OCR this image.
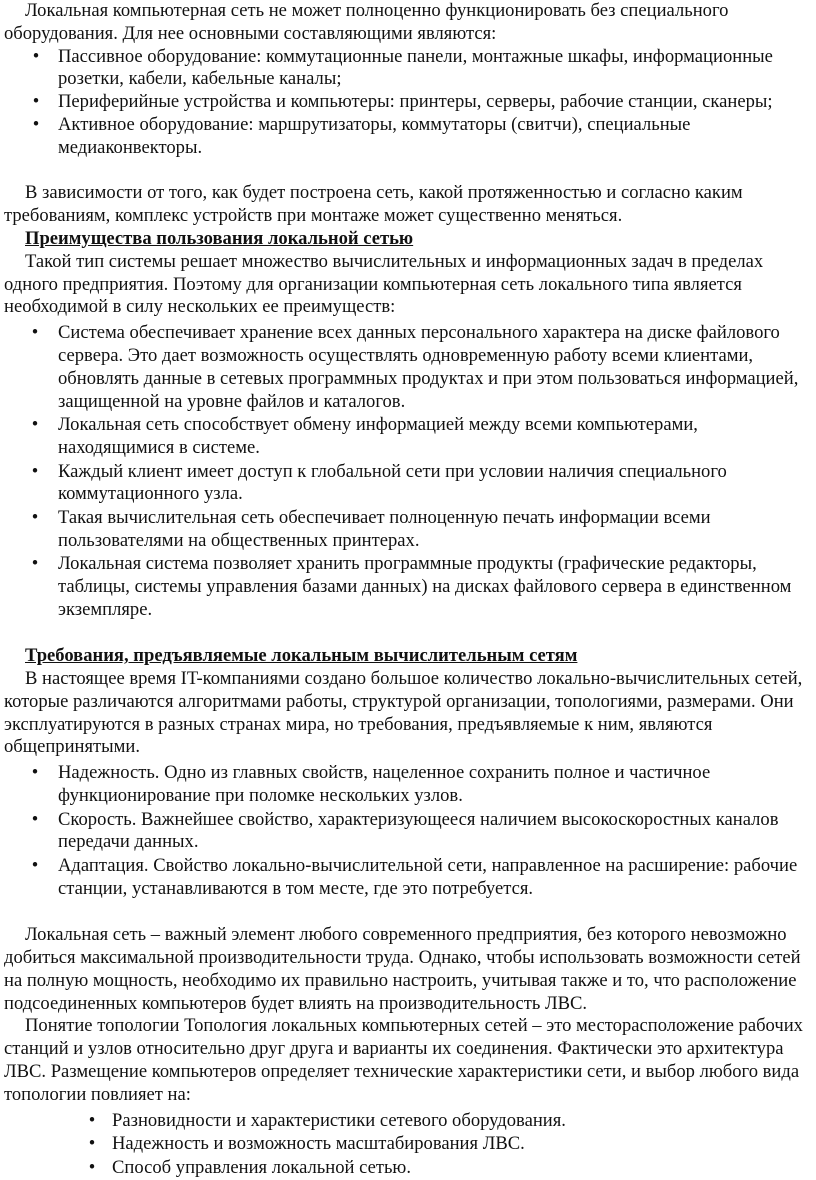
Локальная компьютерная сеть не может полноценно функционировать без специального оборудования. Для нее основными составляющими являются:

•	Пассивное оборудование: коммутационные панели, монтажные шкафы, информационные розетки, кабели, кабельные каналы;
•	Периферийные устройства и компьютеры: принтеры, серверы, рабочие станции, сканеры;
•	Активное оборудование: маршрутизаторы, коммутаторы (свитчи), специальные медиаконвекторы.

В зависимости от того, как будет построена сеть, какой протяженностью и согласно каким требованиям, комплекс устройств при монтаже может существенно меняться.

Преимущества пользования локальной сетью

Такой тип системы решает множество вычислительных и информационных задач в пределах одного предприятия. Поэтому для организации компьютерная сеть локального типа является необходимой в силу нескольких ее преимуществ:

•	Система обеспечивает хранение всех данных персонального характера на диске файлового сервера. Это дает возможность осуществлять одновременную работу всеми клиентами, обновлять данные в сетевых программных продуктах и при этом пользоваться информацией, защищенной на уровне файлов и каталогов.
•	Локальная сеть способствует обмену информацией между всеми компьютерами, находящимися в системе.
•	Каждый клиент имеет доступ к глобальной сети при условии наличия специального коммутационного узла.
•	Такая вычислительная сеть обеспечивает полноценную печать информации всеми пользователями на общественных принтерах.
•	Локальная система позволяет хранить программные продукты (графические редакторы, таблицы, системы управления базами данных) на дисках файлового сервера в единственном экземпляре.

Требования, предъявляемые локальным вычислительным сетям

В настоящее время IT-компаниями создано большое количество локально-вычислительных сетей, которые различаются алгоритмами работы, структурой организации, топологиями, размерами. Они эксплуатируются в разных странах мира, но требования, предъявляемые к ним, являются общепринятыми.

•	Надежность. Одно из главных свойств, нацеленное сохранить полное и частичное функционирование при поломке нескольких узлов.
•	Скорость. Важнейшее свойство, характеризующееся наличием высокоскоростных каналов передачи данных.
•	Адаптация. Свойство локально-вычислительной сети, направленное на расширение: рабочие станции, устанавливаются в том месте, где это потребуется.

Локальная сеть – важный элемент любого современного предприятия, без которого невозможно добиться максимальной производительности труда. Однако, чтобы использовать возможности сетей на полную мощность, необходимо их правильно настроить, учитывая также и то, что расположение подсоединенных компьютеров будет влиять на производительность ЛВС.

Понятие топологии Топология локальных компьютерных сетей – это месторасположение рабочих станций и узлов относительно друг друга и варианты их соединения. Фактически это архитектура ЛВС. Размещение компьютеров определяет технические характеристики сети, и выбор любого вида топологии повлияет на:

• Разновидности и характеристики сетевого оборудования.
• Надежность и возможность масштабирования ЛВС.
• Способ управления локальной сетью.
